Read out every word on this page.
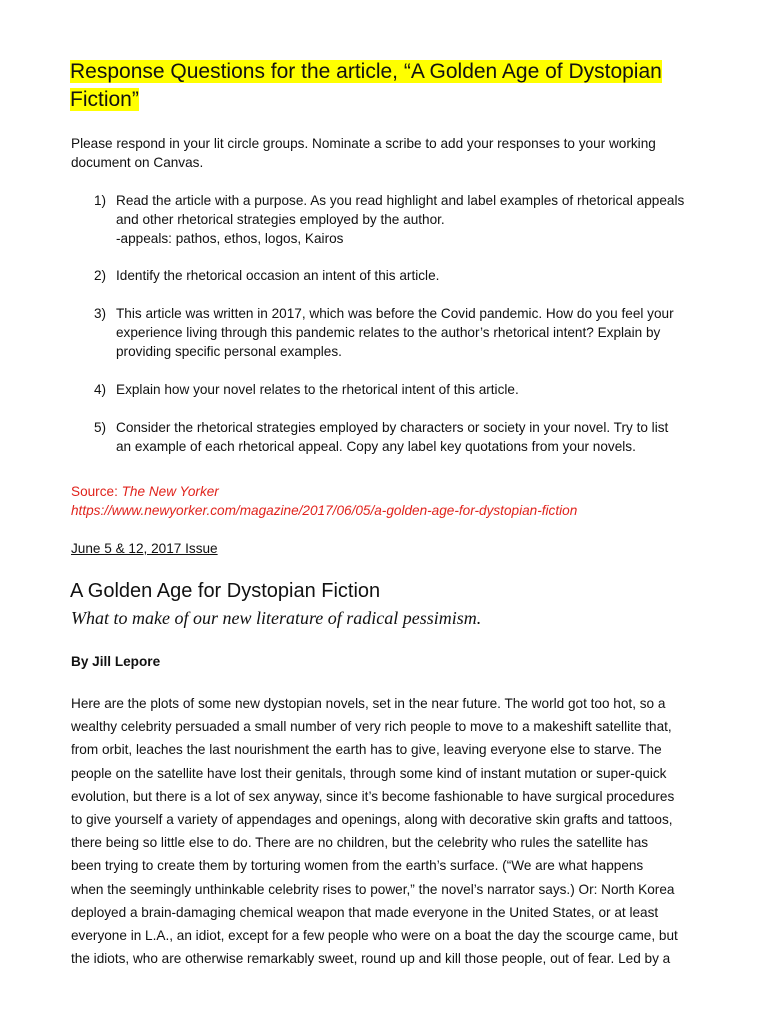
Response Questions for the article, “A Golden Age of Dystopian
Fiction”
Please respond in your lit circle groups. Nominate a scribe to add your responses to your working
document on Canvas.
1) Read the article with a purpose. As you read highlight and label examples of rhetorical appeals
and other rhetorical strategies employed by the author.
-appeals: pathos, ethos, logos, Kairos
2) Identify the rhetorical occasion an intent of this article.
3) This article was written in 2017, which was before the Covid pandemic. How do you feel your
experience living through this pandemic relates to the author’s rhetorical intent? Explain by
providing specific personal examples.
4) Explain how your novel relates to the rhetorical intent of this article.
5) Consider the rhetorical strategies employed by characters or society in your novel. Try to list
an example of each rhetorical appeal. Copy any label key quotations from your novels.
Source: The New Yorker
https://www.newyorker.com/magazine/2017/06/05/a-golden-age-for-dystopian-fiction
June 5 & 12, 2017 Issue
A Golden Age for Dystopian Fiction
What to make of our new literature of radical pessimism.
By Jill Lepore
Here are the plots of some new dystopian novels, set in the near future. The world got too hot, so a
wealthy celebrity persuaded a small number of very rich people to move to a makeshift satellite that,
from orbit, leaches the last nourishment the earth has to give, leaving everyone else to starve. The
people on the satellite have lost their genitals, through some kind of instant mutation or super-quick
evolution, but there is a lot of sex anyway, since it’s become fashionable to have surgical procedures
to give yourself a variety of appendages and openings, along with decorative skin grafts and tattoos,
there being so little else to do. There are no children, but the celebrity who rules the satellite has
been trying to create them by torturing women from the earth’s surface. (“We are what happens
when the seemingly unthinkable celebrity rises to power,” the novel’s narrator says.) Or: North Korea
deployed a brain-damaging chemical weapon that made everyone in the United States, or at least
everyone in L.A., an idiot, except for a few people who were on a boat the day the scourge came, but
the idiots, who are otherwise remarkably sweet, round up and kill those people, out of fear. Led by a
